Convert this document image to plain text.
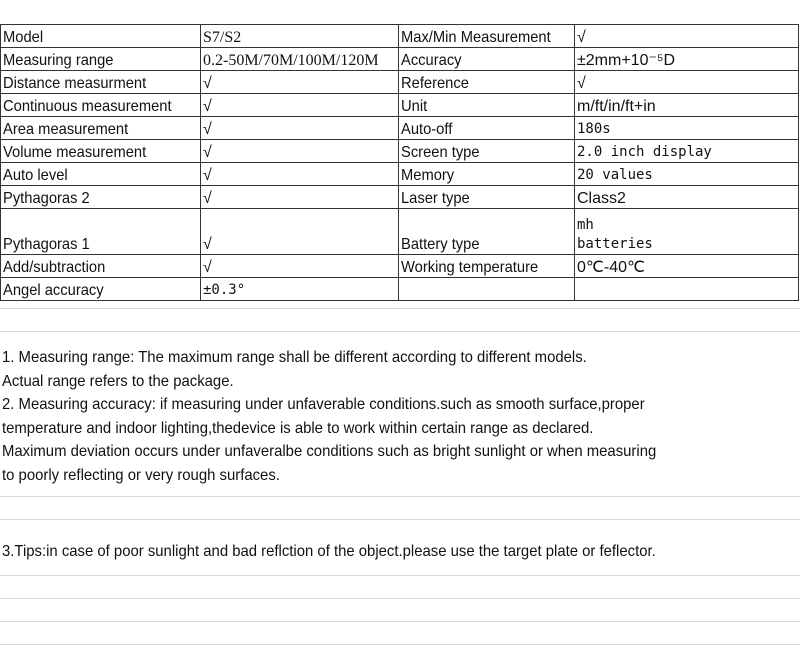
Model	S7/S2	Max/Min Measurement	√
Measuring range	0.2-50M/70M/100M/120M	Accuracy	±2mm+10⁻⁵D
Distance measurment	√	Reference	√
Continuous measurement	√	Unit	m/ft/in/ft+in
Area measurement	√	Auto-off	180s
Volume measurement	√	Screen type	2.0 inch display
Auto level	√	Memory	20 values
Pythagoras 2	√	Laser type	Class2
Pythagoras 1	√	Battery type	mh batteries

Add/subtraction	√	Working temperature	0℃-40℃
Angel accuracy	±0.3°		

1. Measuring range: The maximum range shall be different according to different models.

Actual range refers to the package.

2. Measuring accuracy: if measuring under unfaverable conditions.such as smooth surface,proper

temperature and indoor lighting,thedevice is able to work within certain range as declared.

Maximum deviation occurs under unfaveralbe conditions such as bright sunlight or when measuring

to poorly reflecting or very rough surfaces.

3.Tips:in case of poor sunlight and bad reflction of the object.please use the target plate or feflector.
